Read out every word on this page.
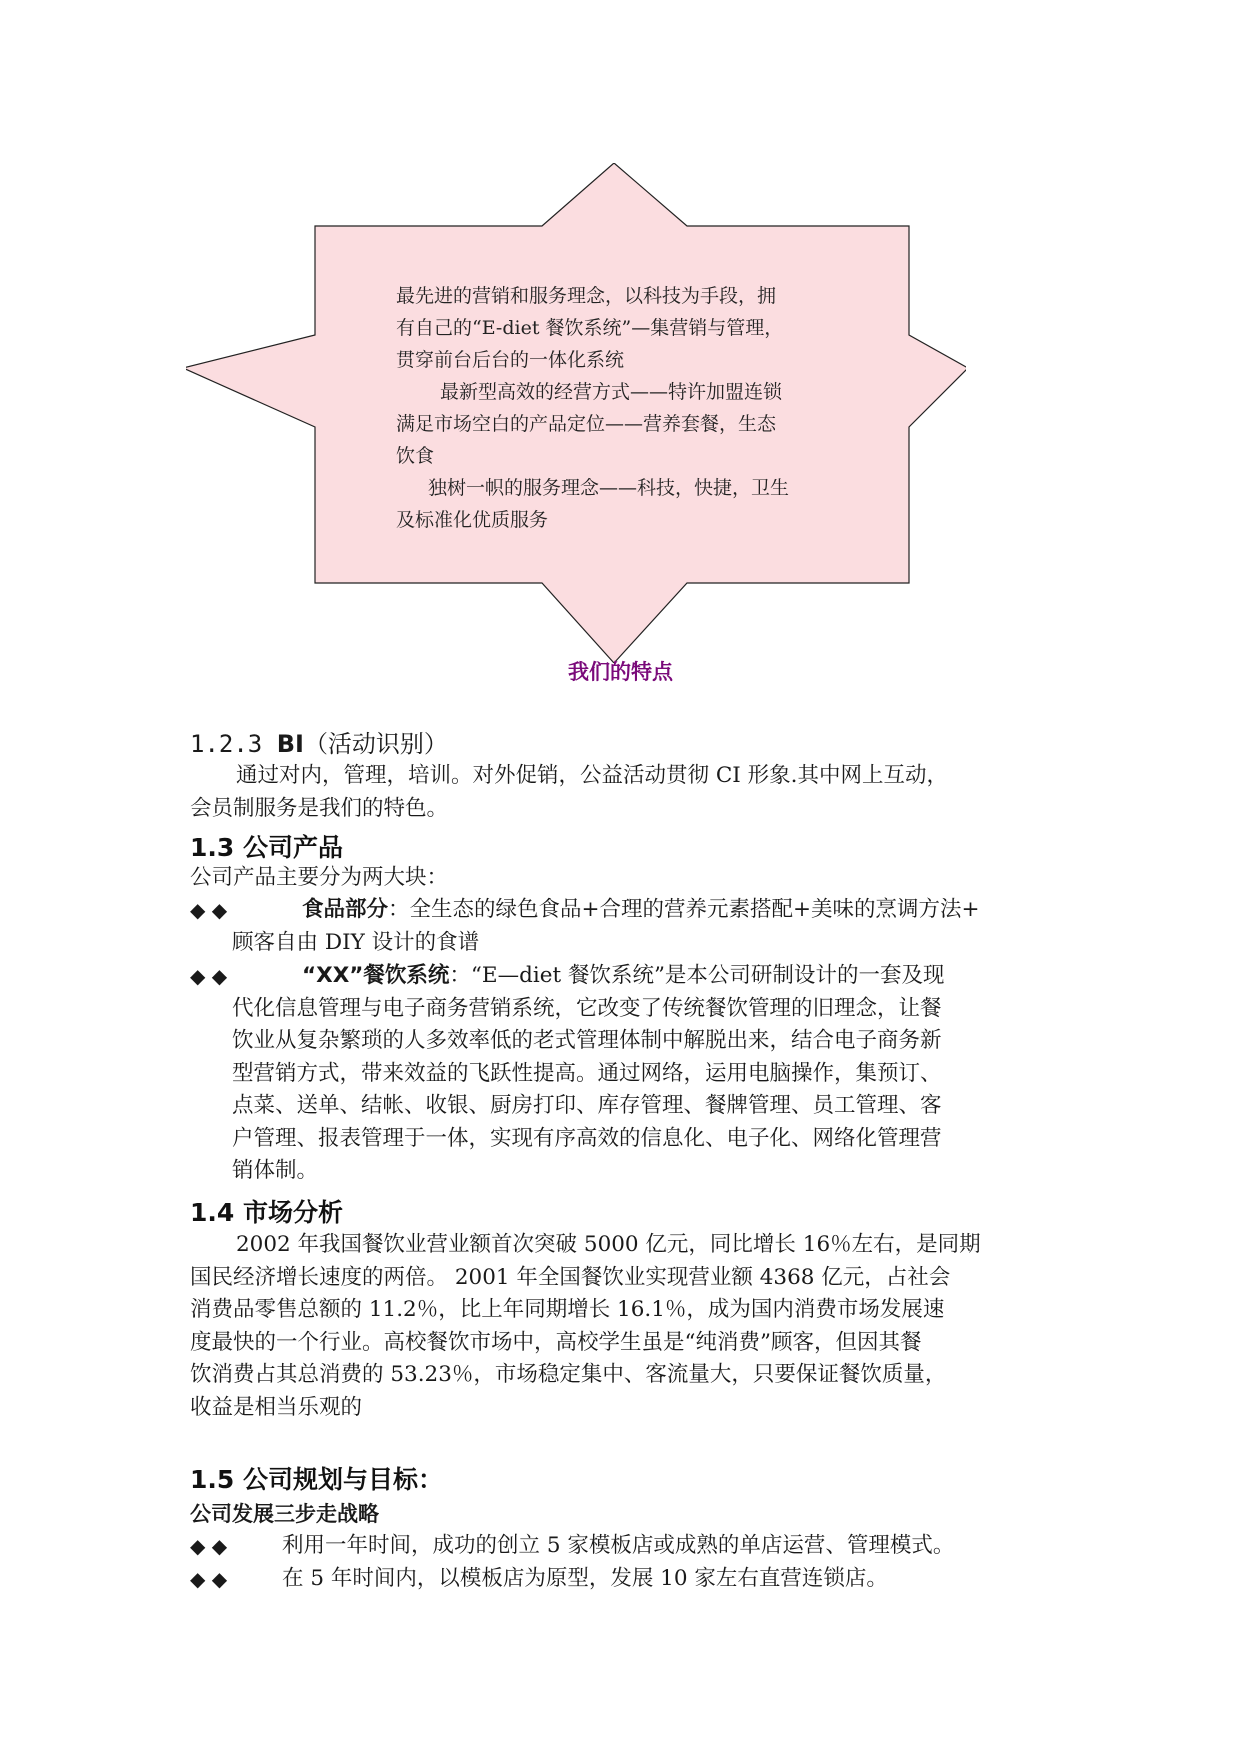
最先进的营销和服务理念，以科技为手段，拥
有自己的“E-diet 餐饮系统”—集营销与管理，
贯穿前台后台的一体化系统
最新型高效的经营方式——特许加盟连锁
满足市场空白的产品定位——营养套餐，生态
饮食
独树一帜的服务理念——科技，快捷，卫生
及标准化优质服务
我们的特点
1.2.3 BI（活动识别）
通过对内，管理，培训。对外促销，公益活动贯彻 CI 形象.其中网上互动，
会员制服务是我们的特色。
1.3 公司产品
公司产品主要分为两大块：
◆ ◆	食品部分：全生态的绿色食品+合理的营养元素搭配+美味的烹调方法+
顾客自由 DIY 设计的食谱
◆ ◆	“XX”餐饮系统：“E—diet 餐饮系统”是本公司研制设计的一套及现
代化信息管理与电子商务营销系统，它改变了传统餐饮管理的旧理念，让餐
饮业从复杂繁琐的人多效率低的老式管理体制中解脱出来，结合电子商务新
型营销方式，带来效益的飞跃性提高。通过网络，运用电脑操作，集预订、
点菜、送单、结帐、收银、厨房打印、库存管理、餐牌管理、员工管理、客
户管理、报表管理于一体，实现有序高效的信息化、电子化、网络化管理营
销体制。
1.4 市场分析
2002 年我国餐饮业营业额首次突破 5000 亿元，同比增长 16％左右，是同期
国民经济增长速度的两倍。 2001 年全国餐饮业实现营业额 4368 亿元，占社会
消费品零售总额的 11.2％，比上年同期增长 16.1％，成为国内消费市场发展速
度最快的一个行业。高校餐饮市场中，高校学生虽是“纯消费”顾客，但因其餐
饮消费占其总消费的 53.23％，市场稳定集中、客流量大，只要保证餐饮质量，
收益是相当乐观的
1.5 公司规划与目标：
公司发展三步走战略
◆ ◆	利用一年时间，成功的创立 5 家模板店或成熟的单店运营、管理模式。
◆ ◆	在 5 年时间内，以模板店为原型，发展 10 家左右直营连锁店。
